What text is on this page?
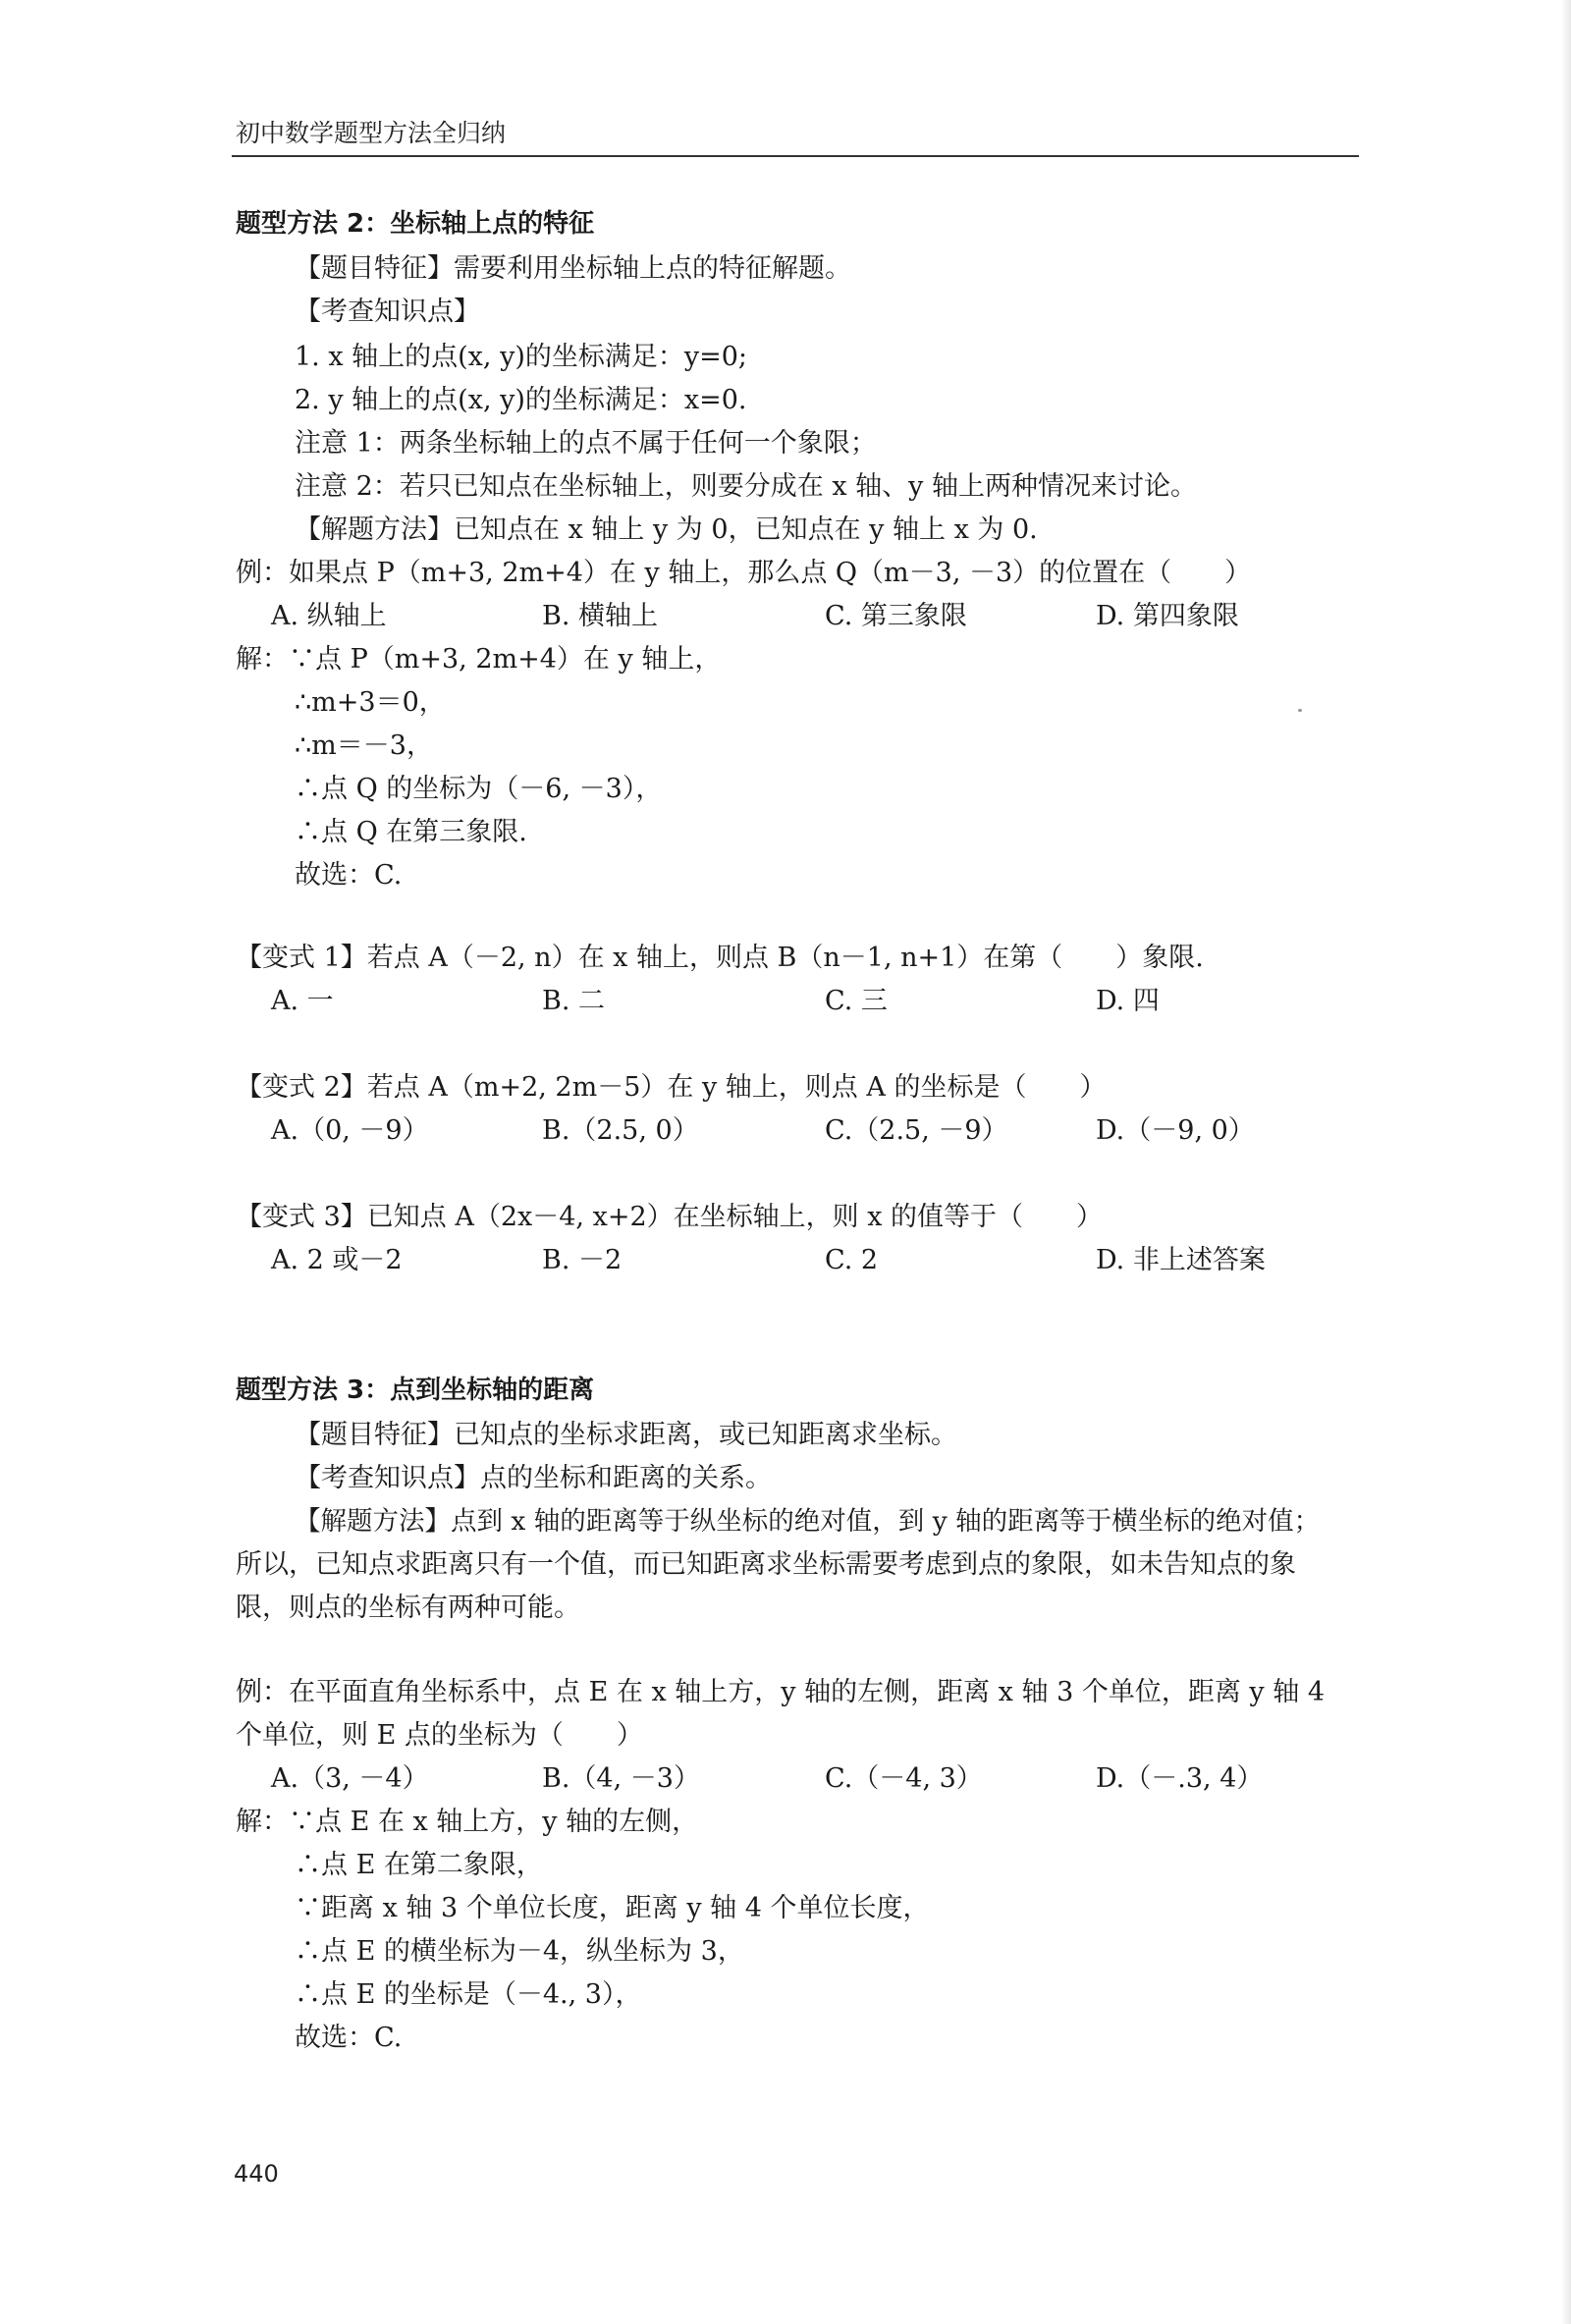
初中数学题型方法全归纳
题型方法 2：坐标轴上点的特征
【题目特征】需要利用坐标轴上点的特征解题。
【考查知识点】
1. x 轴上的点(x, y)的坐标满足：y=0;
2. y 轴上的点(x, y)的坐标满足：x=0.
注意 1：两条坐标轴上的点不属于任何一个象限；
注意 2：若只已知点在坐标轴上，则要分成在 x 轴、y 轴上两种情况来讨论。
【解题方法】已知点在 x 轴上 y 为 0，已知点在 y 轴上 x 为 0.
例：如果点 P（m+3, 2m+4）在 y 轴上，那么点 Q（m－3, －3）的位置在（　　）
A. 纵轴上	B. 横轴上	C. 第三象限	D. 第四象限
解：∵点 P（m+3, 2m+4）在 y 轴上，
∴m+3＝0，
∴m＝－3，
∴点 Q 的坐标为（－6, －3），
∴点 Q 在第三象限.
故选：C.
【变式 1】若点 A（－2, n）在 x 轴上，则点 B（n－1, n+1）在第（　　）象限.
A. 一	B. 二	C. 三	D. 四
【变式 2】若点 A（m+2, 2m－5）在 y 轴上，则点 A 的坐标是（　　）
A.（0, －9）	B.（2.5, 0）	C.（2.5, －9）	D.（－9, 0）
【变式 3】已知点 A（2x－4, x+2）在坐标轴上，则 x 的值等于（　　）
A. 2 或－2	B. －2	C. 2	D. 非上述答案
题型方法 3：点到坐标轴的距离
【题目特征】已知点的坐标求距离，或已知距离求坐标。
【考查知识点】点的坐标和距离的关系。
【解题方法】点到 x 轴的距离等于纵坐标的绝对值，到 y 轴的距离等于横坐标的绝对值；
所以，已知点求距离只有一个值，而已知距离求坐标需要考虑到点的象限，如未告知点的象
限，则点的坐标有两种可能。
例：在平面直角坐标系中，点 E 在 x 轴上方，y 轴的左侧，距离 x 轴 3 个单位，距离 y 轴 4
个单位，则 E 点的坐标为（　　）
A.（3, －4）	B.（4, －3）	C.（－4, 3）	D.（－.3, 4）
解：∵点 E 在 x 轴上方，y 轴的左侧，
∴点 E 在第二象限，
∵距离 x 轴 3 个单位长度，距离 y 轴 4 个单位长度，
∴点 E 的横坐标为－4，纵坐标为 3，
∴点 E 的坐标是（－4., 3），
故选：C.
440
